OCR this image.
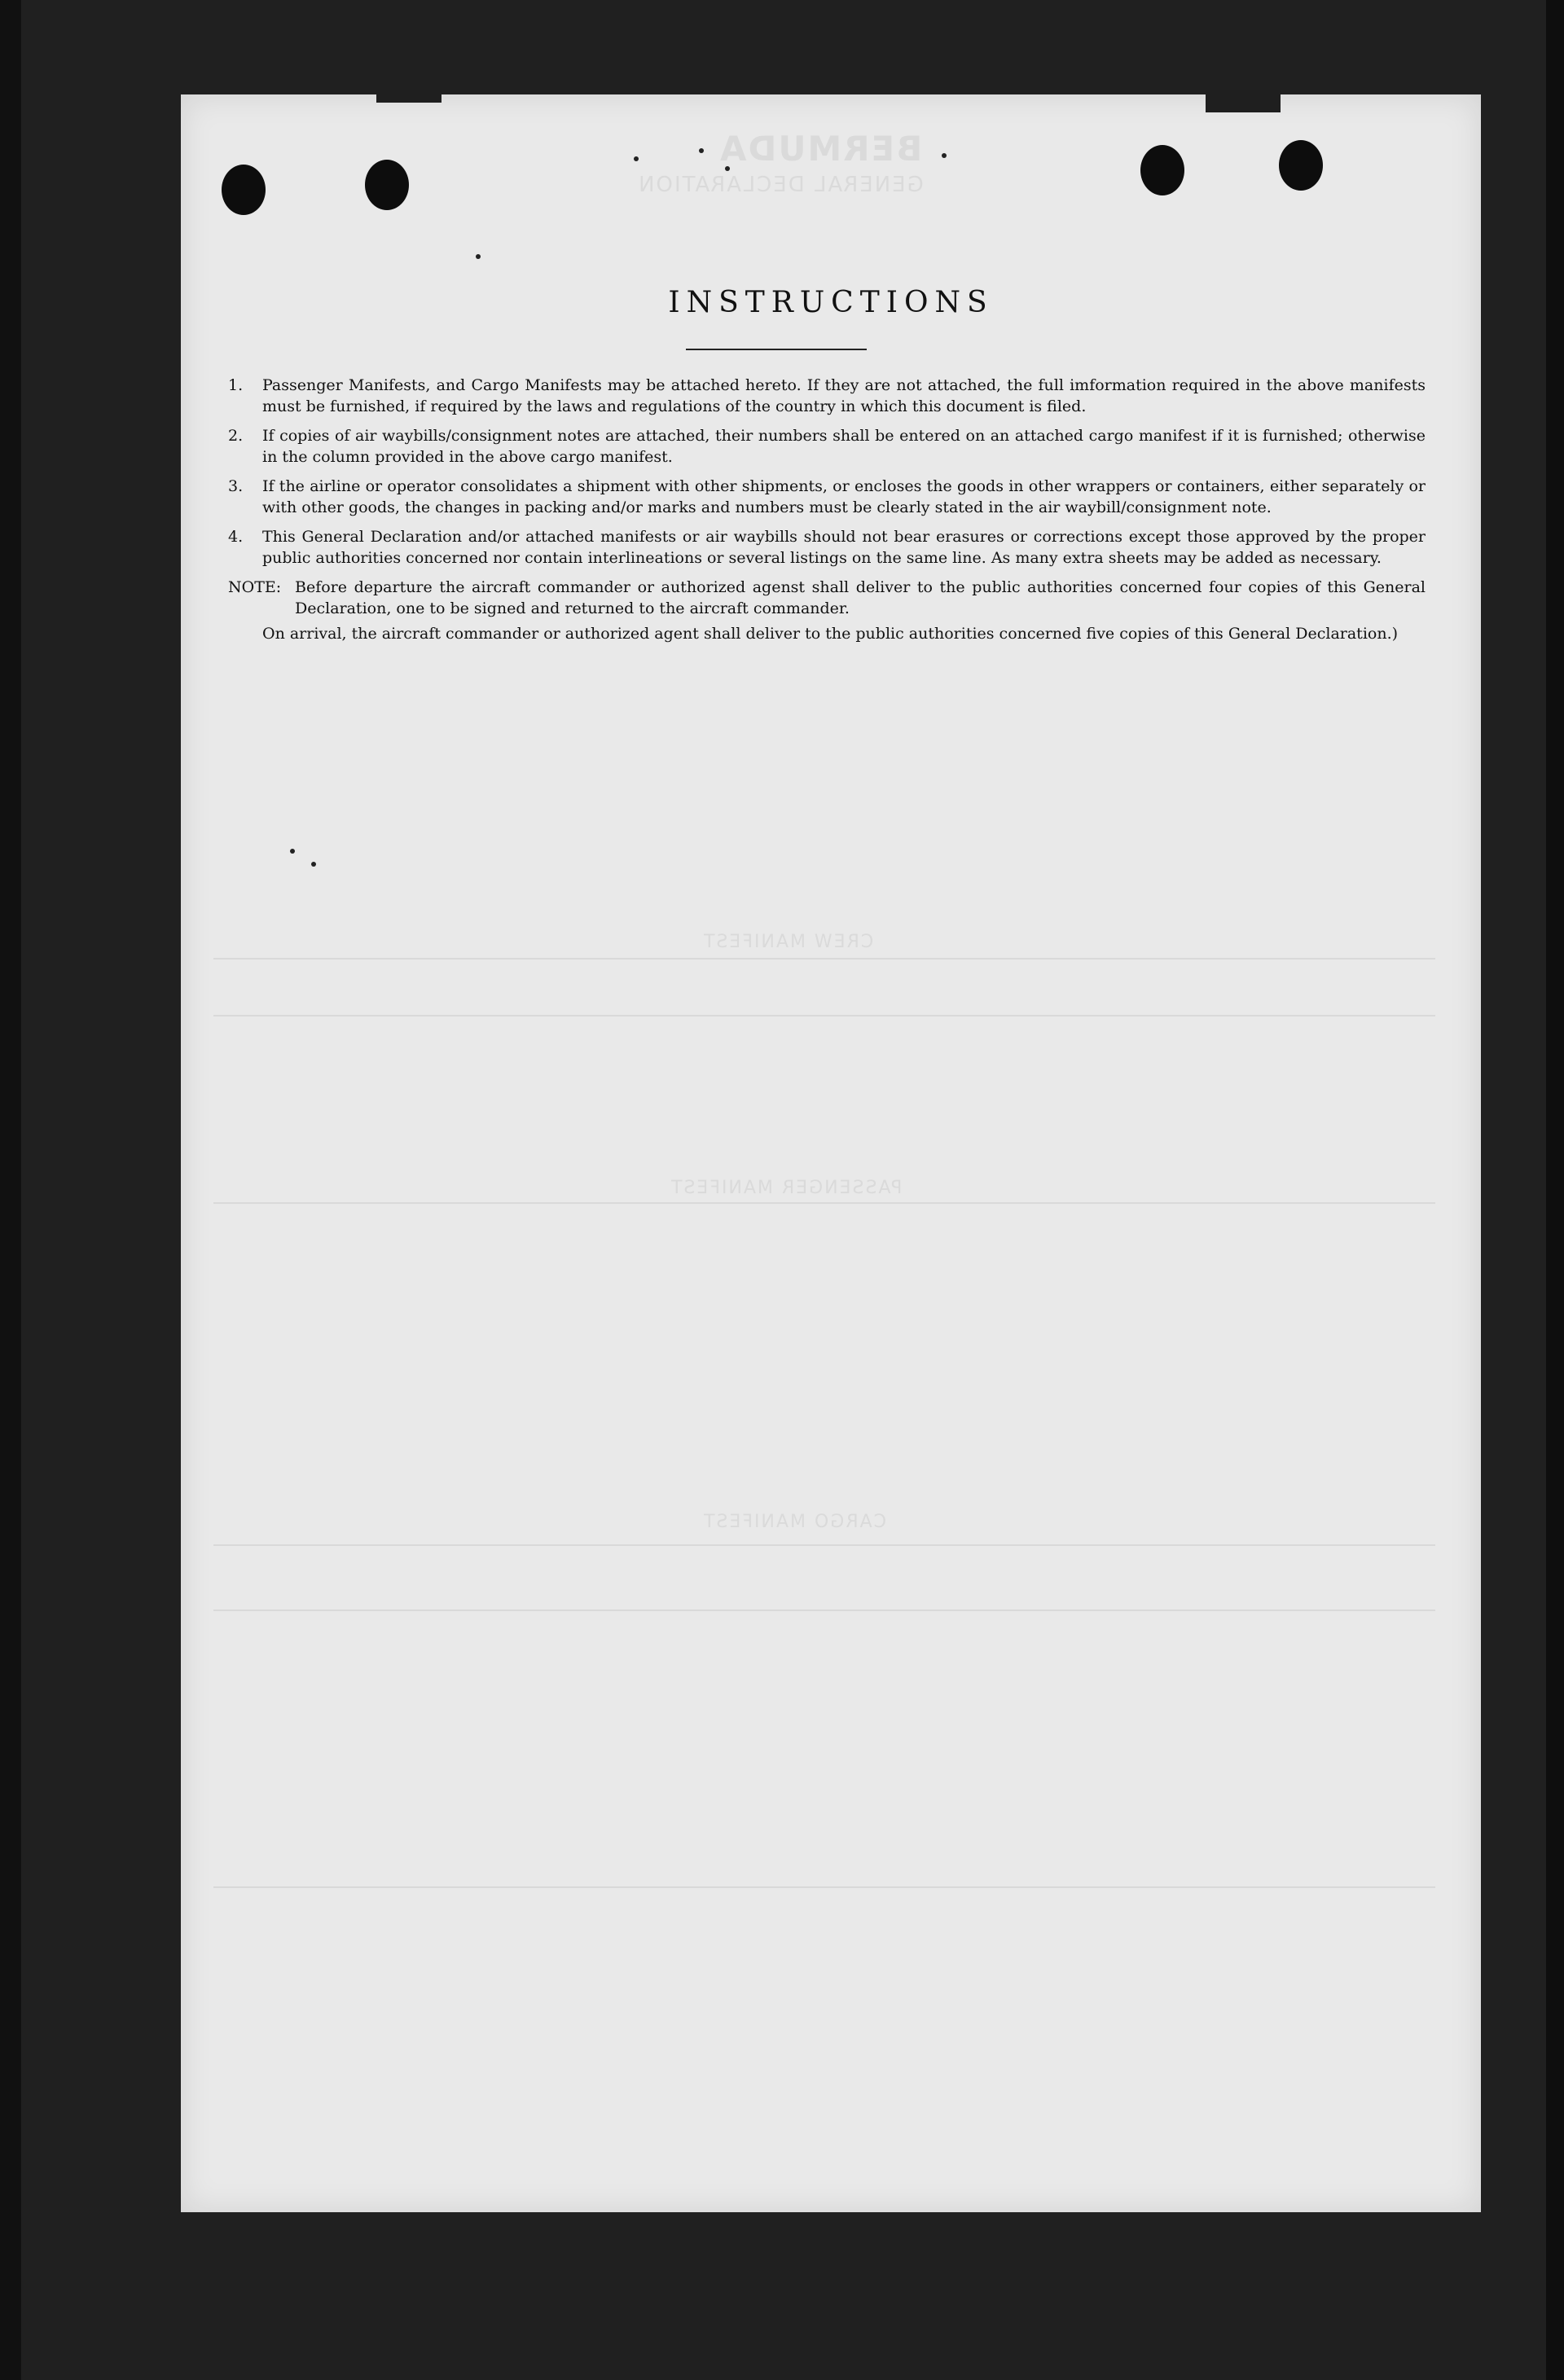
BERMUDA
GENERAL DECLARATION
CREW MANIFEST
PASSENGER MANIFEST
CARGO MANIFEST
INSTRUCTIONS
1.	Passenger Manifests, and Cargo Manifests may be attached hereto. If they are not attached, the full imformation required in the above manifests must be furnished, if required by the laws and regulations of the country in which this document is filed.
2.	If copies of air waybills/consignment notes are attached, their numbers shall be entered on an attached cargo manifest if it is furnished; otherwise in the column provided in the above cargo manifest.
3.	If the airline or operator consolidates a shipment with other shipments, or encloses the goods in other wrappers or containers, either separately or with other goods, the changes in packing and/or marks and numbers must be clearly stated in the air waybill/consignment note.
4.	This General Declaration and/or attached manifests or air waybills should not bear erasures or corrections except those approved by the proper public authorities concerned nor contain interlineations or several listings on the same line. As many extra sheets may be added as necessary.
NOTE: Before departure the aircraft commander or authorized agenst shall deliver to the public authorities concerned four copies of this General Declaration, one to be signed and returned to the aircraft commander.
On arrival, the aircraft commander or authorized agent shall deliver to the public authorities concerned five copies of this General Declaration.)
